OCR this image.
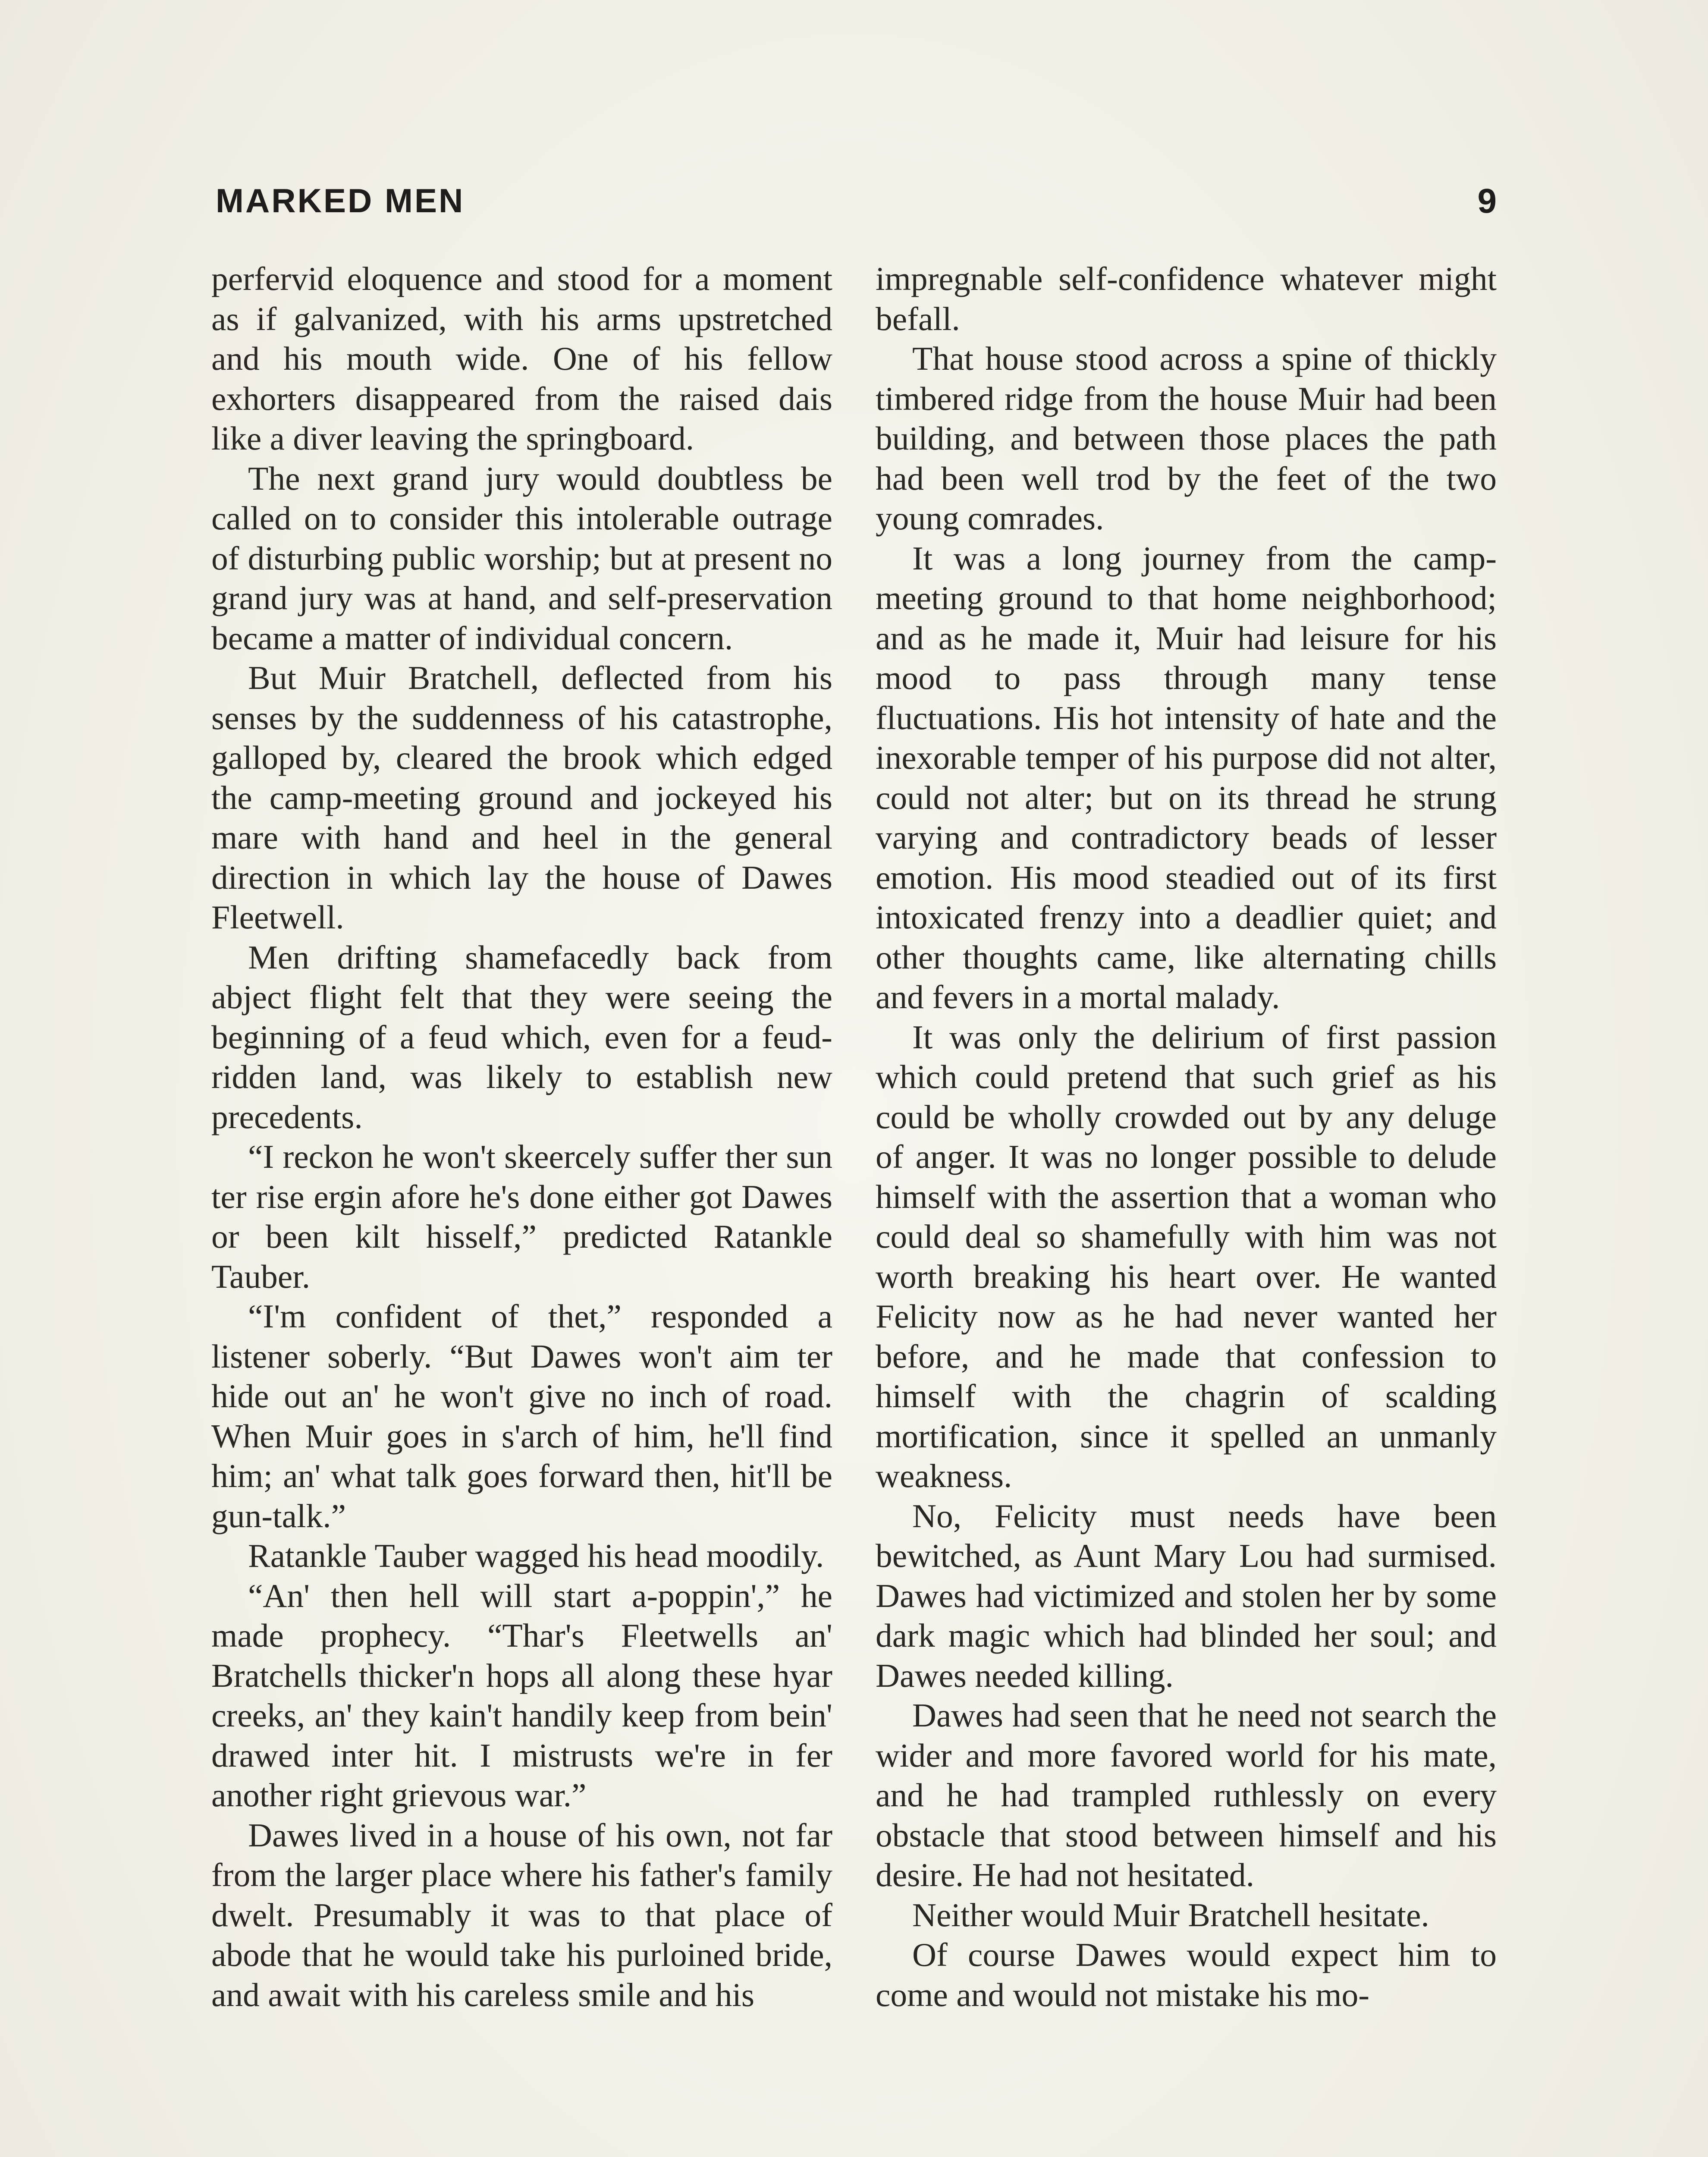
MARKED MEN	9

perfervid eloquence and stood for a moment as if galvanized, with his arms upstretched and his mouth wide. One of his fellow exhorters disappeared from the raised dais like a diver leaving the springboard.

The next grand jury would doubtless be called on to consider this intolerable outrage of disturbing public worship; but at present no grand jury was at hand, and self-preservation became a matter of individual concern.

But Muir Bratchell, deflected from his senses by the suddenness of his catastrophe, galloped by, cleared the brook which edged the camp-meeting ground and jockeyed his mare with hand and heel in the general direction in which lay the house of Dawes Fleetwell.

Men drifting shamefacedly back from abject flight felt that they were seeing the beginning of a feud which, even for a feud-ridden land, was likely to establish new precedents.

“I reckon he won't skeercely suffer ther sun ter rise ergin afore he's done either got Dawes or been kilt hisself,” predicted Ratankle Tauber.

“I'm confident of thet,” responded a listener soberly. “But Dawes won't aim ter hide out an' he won't give no inch of road. When Muir goes in s'arch of him, he'll find him; an' what talk goes forward then, hit'll be gun-talk.”

Ratankle Tauber wagged his head moodily.

“An' then hell will start a-poppin',” he made prophecy. “Thar's Fleetwells an' Bratchells thicker'n hops all along these hyar creeks, an' they kain't handily keep from bein' drawed inter hit. I mistrusts we're in fer another right grievous war.”

Dawes lived in a house of his own, not far from the larger place where his father's family dwelt. Presumably it was to that place of abode that he would take his purloined bride, and await with his careless smile and his

impregnable self-confidence whatever might befall.

That house stood across a spine of thickly timbered ridge from the house Muir had been building, and between those places the path had been well trod by the feet of the two young comrades.

It was a long journey from the camp-meeting ground to that home neighborhood; and as he made it, Muir had leisure for his mood to pass through many tense fluctuations. His hot intensity of hate and the inexorable temper of his purpose did not alter, could not alter; but on its thread he strung varying and contradictory beads of lesser emotion. His mood steadied out of its first intoxicated frenzy into a deadlier quiet; and other thoughts came, like alternating chills and fevers in a mortal malady.

It was only the delirium of first passion which could pretend that such grief as his could be wholly crowded out by any deluge of anger. It was no longer possible to delude himself with the assertion that a woman who could deal so shamefully with him was not worth breaking his heart over. He wanted Felicity now as he had never wanted her before, and he made that confession to himself with the chagrin of scalding mortification, since it spelled an unmanly weakness.

No, Felicity must needs have been bewitched, as Aunt Mary Lou had surmised. Dawes had victimized and stolen her by some dark magic which had blinded her soul; and Dawes needed killing.

Dawes had seen that he need not search the wider and more favored world for his mate, and he had trampled ruthlessly on every obstacle that stood between himself and his desire. He had not hesitated.

Neither would Muir Bratchell hesitate.

Of course Dawes would expect him to come and would not mistake his mo-
